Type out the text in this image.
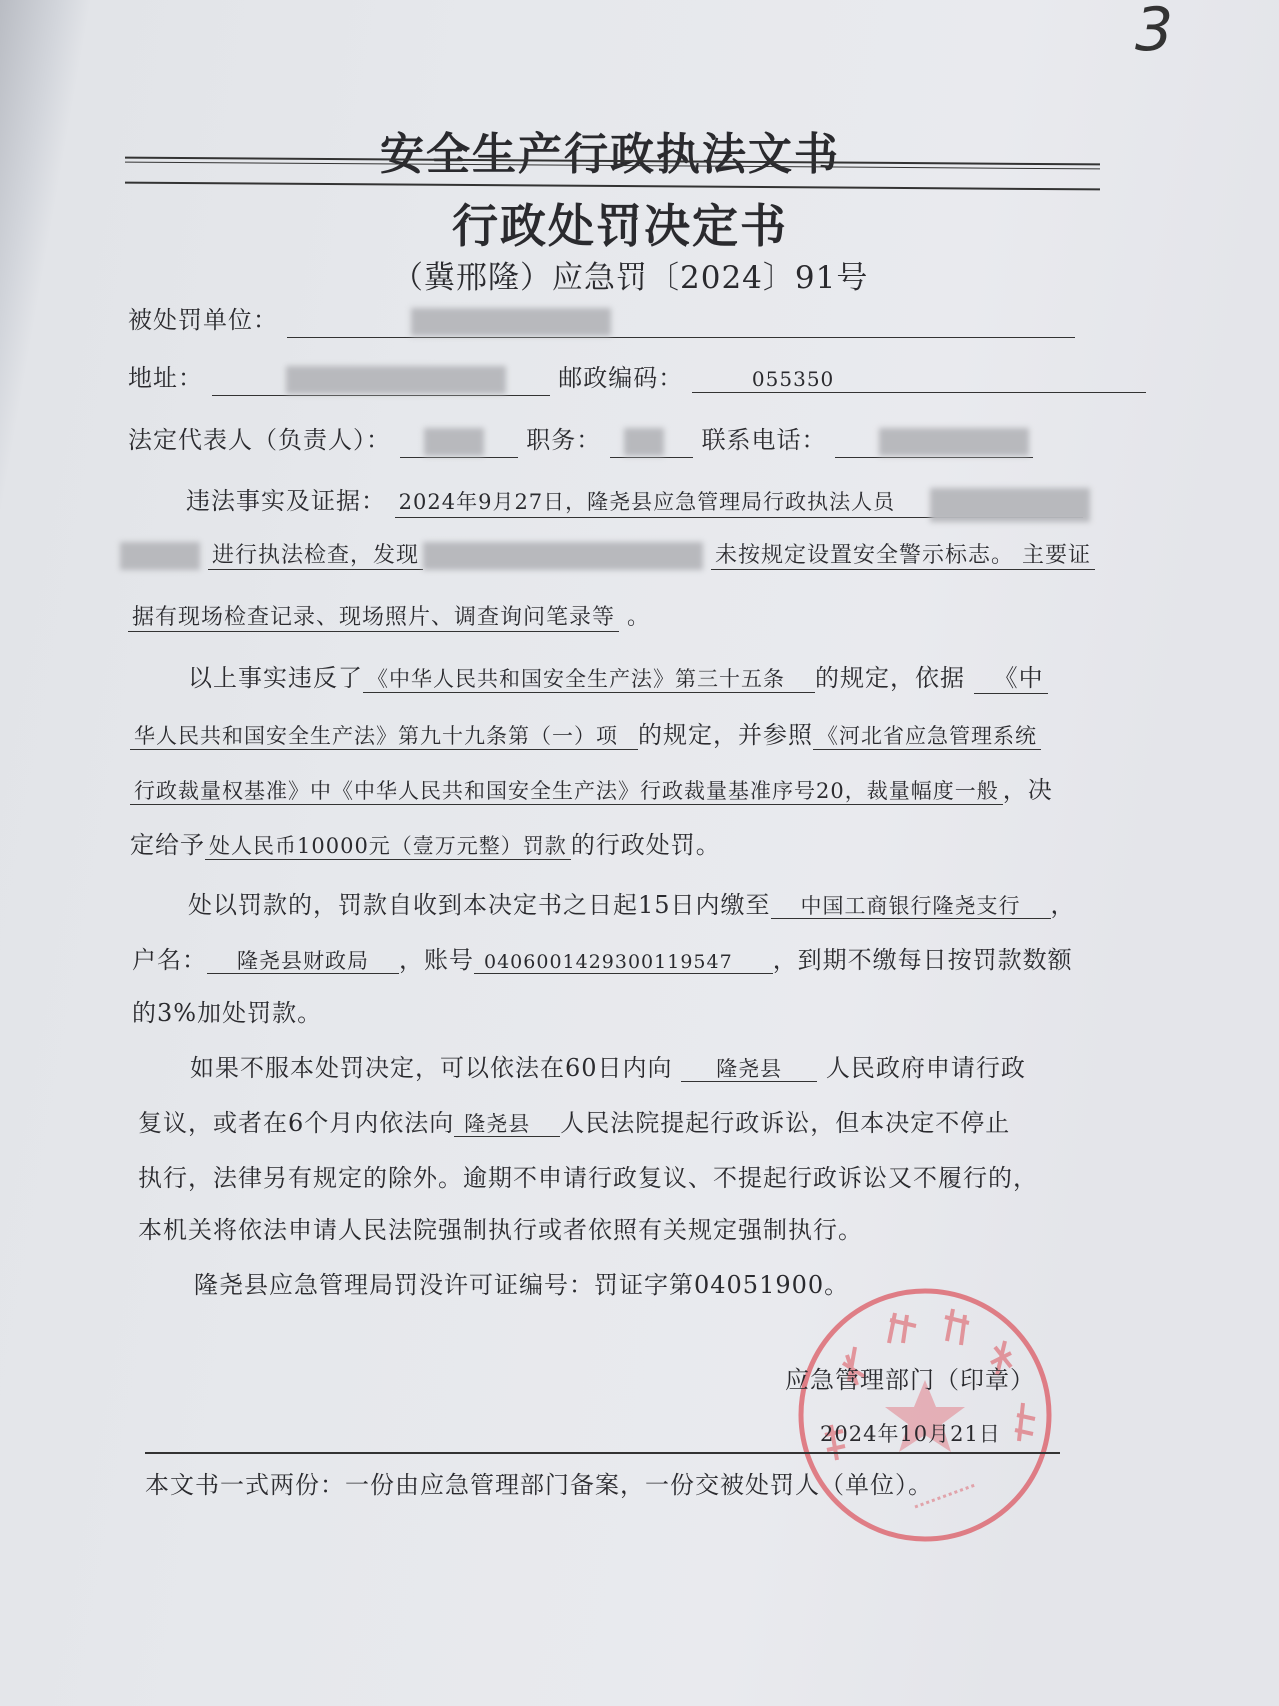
3
安全生产行政执法文书
行政处罚决定书
（冀邢隆）应急罚〔2024〕91号
被处罚单位：
地址：	邮政编码：	055350
法定代表人（负责人）：	职务：	联系电话：
违法事实及证据： 2024年9月27日，隆尧县应急管理局行政执法人员
进行执法检查，发现	未按规定设置安全警示标志。 主要证
据有现场检查记录、现场照片、调查询问笔录等 。
以上事实违反了 《中华人民共和国安全生产法》第三十五条 的规定，依据 《中
华人民共和国安全生产法》第九十九条第（一）项 的规定，并参照 《河北省应急管理系统
行政裁量权基准》中《中华人民共和国安全生产法》行政裁量基准序号20，裁量幅度一般 ，决
定给予 处人民币10000元（壹万元整）罚款 的行政处罚。
处以罚款的，罚款自收到本决定书之日起15日内缴至 中国工商银行隆尧支行 ，
户名： 隆尧县财政局 ，账号 0406001429300119547 ，到期不缴每日按罚款数额
的3%加处罚款。
如果不服本处罚决定，可以依法在60日内向 隆尧县 人民政府申请行政
复议，或者在6个月内依法向 隆尧县 人民法院提起行政诉讼，但本决定不停止
执行，法律另有规定的除外。逾期不申请行政复议、不提起行政诉讼又不履行的，
本机关将依法申请人民法院强制执行或者依照有关规定强制执行。
隆尧县应急管理局罚没许可证编号：罚证字第04051900。
应急管理部门（印章）
2024年10月21日
本文书一式两份：一份由应急管理部门备案，一份交被处罚人（单位）。
